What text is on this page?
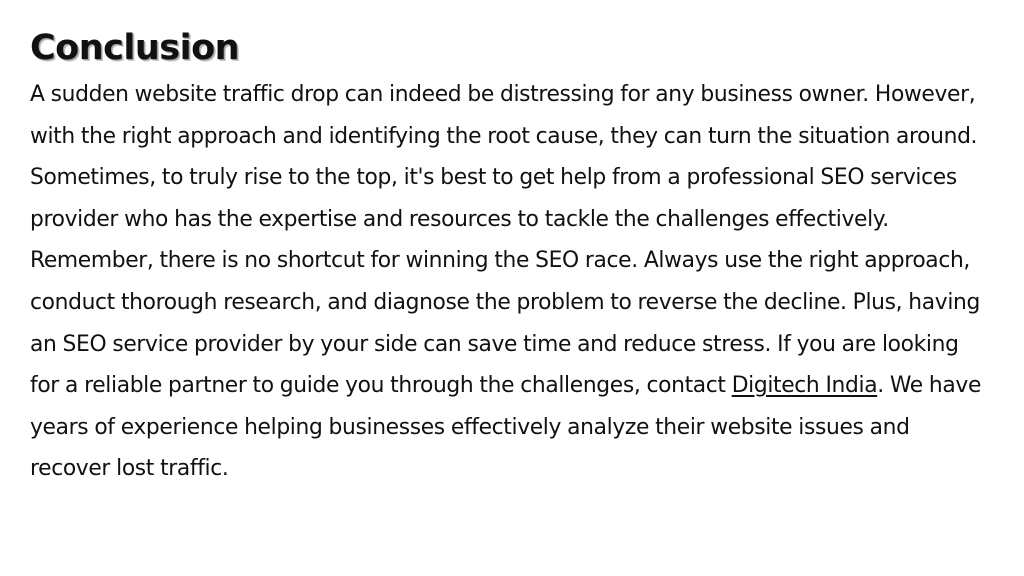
Conclusion

A sudden website traffic drop can indeed be distressing for any business owner. However, with the right approach and identifying the root cause, they can turn the situation around. Sometimes, to truly rise to the top, it's best to get help from a professional SEO services provider who has the expertise and resources to tackle the challenges effectively. Remember, there is no shortcut for winning the SEO race. Always use the right approach, conduct thorough research, and diagnose the problem to reverse the decline. Plus, having an SEO service provider by your side can save time and reduce stress. If you are looking for a reliable partner to guide you through the challenges, contact Digitech India. We have years of experience helping businesses effectively analyze their website issues and recover lost traffic.
